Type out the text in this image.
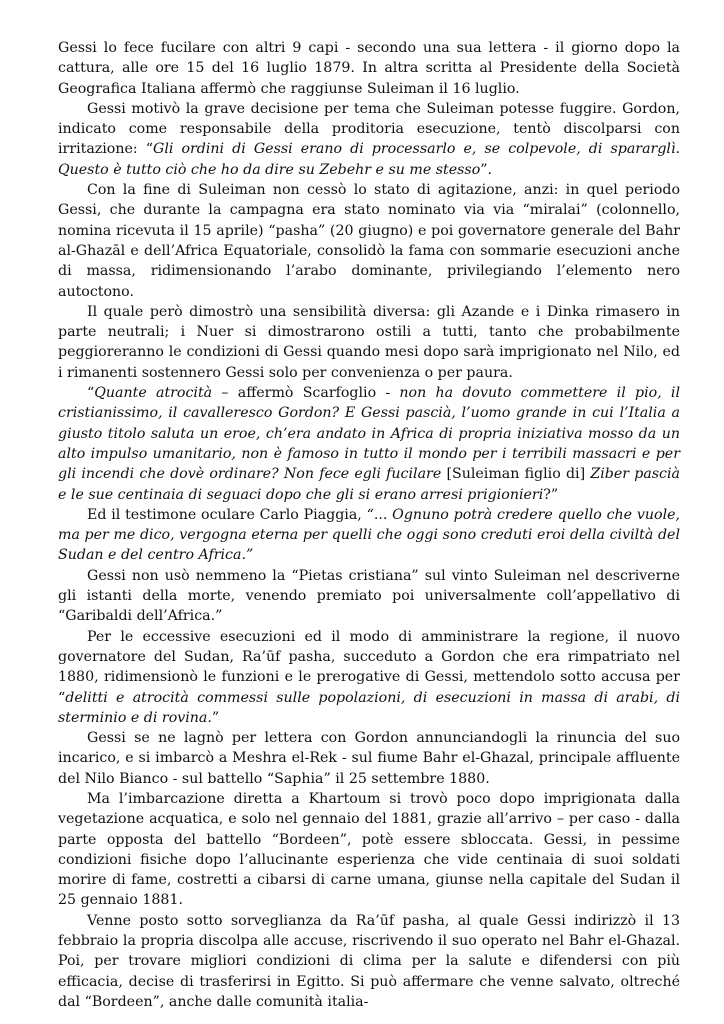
Gessi lo fece fucilare con altri 9 capi - secondo una sua lettera - il giorno dopo la cattura, alle ore 15 del 16 luglio 1879. In altra scritta al Presidente della Società Geografica Italiana affermò che raggiunse Suleiman il 16 luglio.

Gessi motivò la grave decisione per tema che Suleiman potesse fuggire. Gordon, indicato come responsabile della proditoria esecuzione, tentò discolparsi con irritazione: “Gli ordini di Gessi erano di processarlo e, se colpevole, di spararglì. Questo è tutto ciò che ho da dire su Zebehr e su me stesso”.

Con la fine di Suleiman non cessò lo stato di agitazione, anzi: in quel periodo Gessi, che durante la campagna era stato nominato via via “miralai” (colonnello, nomina ricevuta il 15 aprile) “pasha” (20 giugno) e poi governatore generale del Bahr al-Ghazāl e dell’Africa Equatoriale, consolidò la fama con sommarie esecuzioni anche di massa, ridimensionando l’arabo dominante, privilegiando l’elemento nero autoctono.

Il quale però dimostrò una sensibilità diversa: gli Azande e i Dinka rimasero in parte neutrali; i Nuer si dimostrarono ostili a tutti, tanto che probabilmente peggioreranno le condizioni di Gessi quando mesi dopo sarà imprigionato nel Nilo, ed i rimanenti sostennero Gessi solo per convenienza o per paura.

“Quante atrocità – affermò Scarfoglio - non ha dovuto commettere il pio, il cristianissimo, il cavalleresco Gordon? E Gessi pascià, l’uomo grande in cui l’Italia a giusto titolo saluta un eroe, ch’era andato in Africa di propria iniziativa mosso da un alto impulso umanitario, non è famoso in tutto il mondo per i terribili massacri e per gli incendi che dovè ordinare? Non fece egli fucilare [Suleiman figlio di] Ziber pascià e le sue centinaia di seguaci dopo che gli si erano arresi prigionieri?”

Ed il testimone oculare Carlo Piaggia, “... Ognuno potrà credere quello che vuole, ma per me dico, vergogna eterna per quelli che oggi sono creduti eroi della civiltà del Sudan e del centro Africa.”

Gessi non usò nemmeno la “Pietas cristiana” sul vinto Suleiman nel descriverne gli istanti della morte, venendo premiato poi universalmente coll’appellativo di “Garibaldi dell’Africa.”

Per le eccessive esecuzioni ed il modo di amministrare la regione, il nuovo governatore del Sudan, Ra’ūf pasha, succeduto a Gordon che era rimpatriato nel 1880, ridimensionò le funzioni e le prerogative di Gessi, mettendolo sotto accusa per “delitti e atrocità commessi sulle popolazioni, di esecuzioni in massa di arabi, di sterminio e di rovina.”

Gessi se ne lagnò per lettera con Gordon annunciandogli la rinuncia del suo incarico, e si imbarcò a Meshra el-Rek - sul fiume Bahr el-Ghazal, principale affluente del Nilo Bianco - sul battello “Saphia” il 25 settembre 1880.

Ma l’imbarcazione diretta a Khartoum si trovò poco dopo imprigionata dalla vegetazione acquatica, e solo nel gennaio del 1881, grazie all’arrivo – per caso - dalla parte opposta del battello “Bordeen”, potè essere sbloccata. Gessi, in pessime condizioni fisiche dopo l’allucinante esperienza che vide centinaia di suoi soldati morire di fame, costretti a cibarsi di carne umana, giunse nella capitale del Sudan il 25 gennaio 1881.

Venne posto sotto sorveglianza da Ra’ūf pasha, al quale Gessi indirizzò il 13 febbraio la propria discolpa alle accuse, riscrivendo il suo operato nel Bahr el-Ghazal. Poi, per trovare migliori condizioni di clima per la salute e difendersi con più efficacia, decise di trasferirsi in Egitto. Si può affermare che venne salvato, oltreché dal “Bordeen”, anche dalle comunità italia-
